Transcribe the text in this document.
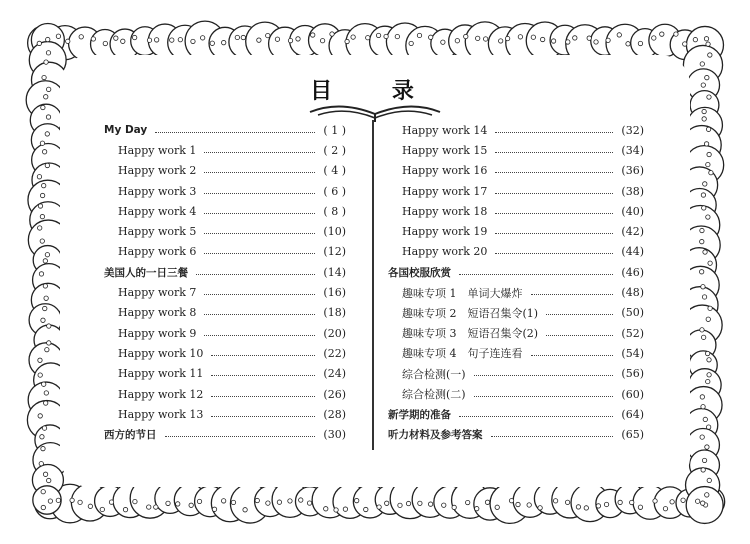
目 录
My Day	( 1 )
Happy work 1	( 2 )
Happy work 2	( 4 )
Happy work 3	( 6 )
Happy work 4	( 8 )
Happy work 5	(10)
Happy work 6	(12)
美国人的一日三餐	(14)
Happy work 7	(16)
Happy work 8	(18)
Happy work 9	(20)
Happy work 10	(22)
Happy work 11	(24)
Happy work 12	(26)
Happy work 13	(28)
西方的节日	(30)
Happy work 14	(32)
Happy work 15	(34)
Happy work 16	(36)
Happy work 17	(38)
Happy work 18	(40)
Happy work 19	(42)
Happy work 20	(44)
各国校服欣赏	(46)
趣味专项 1　单词大爆炸	(48)
趣味专项 2　短语召集令(1)	(50)
趣味专项 3　短语召集令(2)	(52)
趣味专项 4　句子连连看	(54)
综合检测(一)	(56)
综合检测(二)	(60)
新学期的准备	(64)
听力材料及参考答案	(65)
